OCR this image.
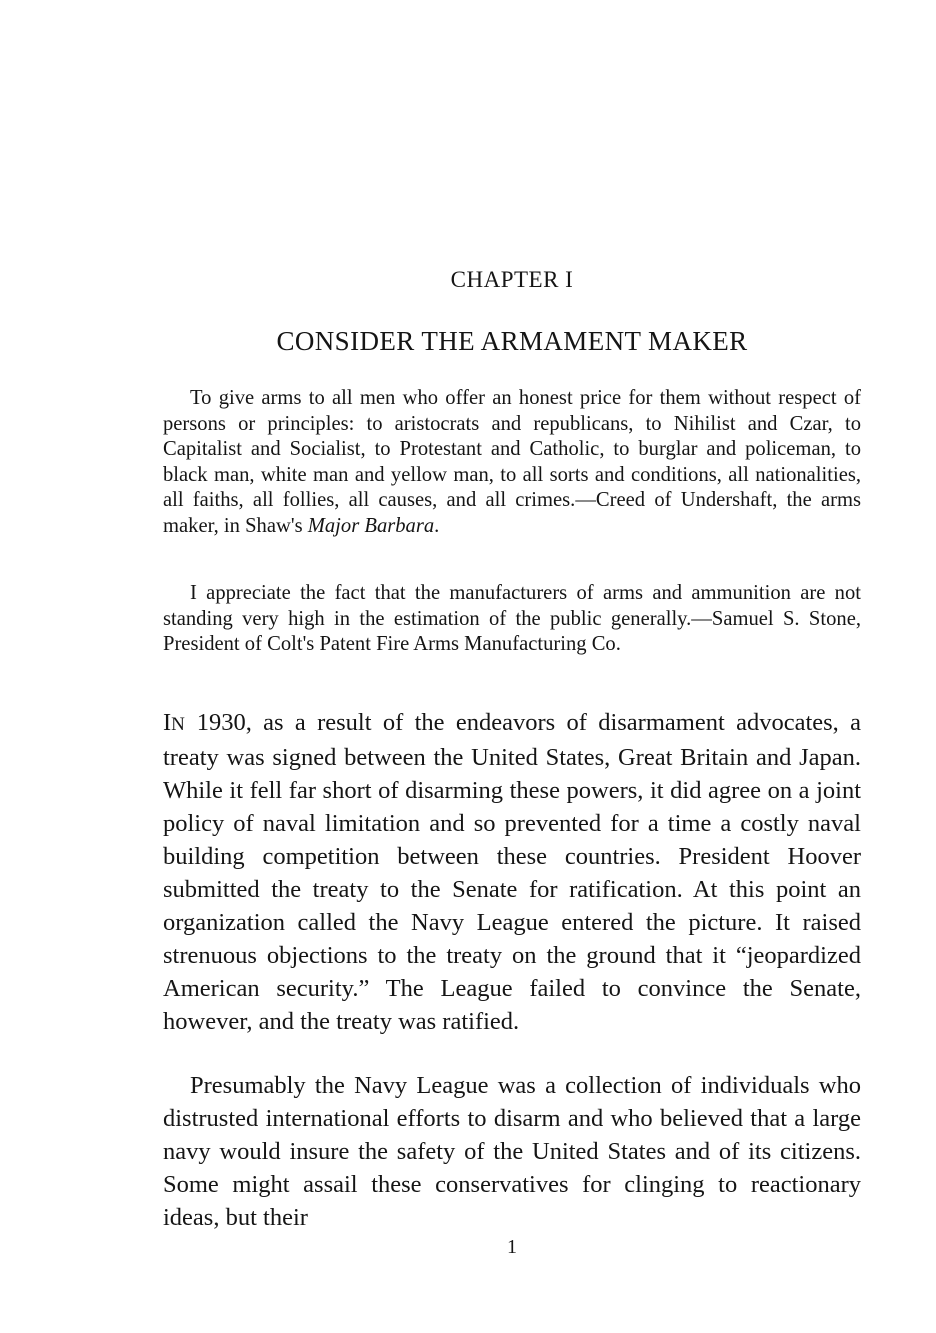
CHAPTER I
CONSIDER THE ARMAMENT MAKER

To give arms to all men who offer an honest price for them without respect of persons or principles: to aristocrats and republicans, to Nihilist and Czar, to Capitalist and Socialist, to Protestant and Catholic, to burglar and policeman, to black man, white man and yellow man, to all sorts and conditions, all nationalities, all faiths, all follies, all causes, and all crimes.—Creed of Undershaft, the arms maker, in Shaw's Major Barbara.

I appreciate the fact that the manufacturers of arms and ammunition are not standing very high in the estimation of the public generally.—Samuel S. Stone, President of Colt's Patent Fire Arms Manufacturing Co.

IN 1930, as a result of the endeavors of disarmament advocates, a treaty was signed between the United States, Great Britain and Japan. While it fell far short of disarming these powers, it did agree on a joint policy of naval limitation and so prevented for a time a costly naval building competition between these countries. President Hoover submitted the treaty to the Senate for ratification. At this point an organization called the Navy League entered the picture. It raised strenuous objections to the treaty on the ground that it “jeopardized American security.” The League failed to convince the Senate, however, and the treaty was ratified.

Presumably the Navy League was a collection of individuals who distrusted international efforts to disarm and who believed that a large navy would insure the safety of the United States and of its citizens. Some might assail these conservatives for clinging to reactionary ideas, but their

1
